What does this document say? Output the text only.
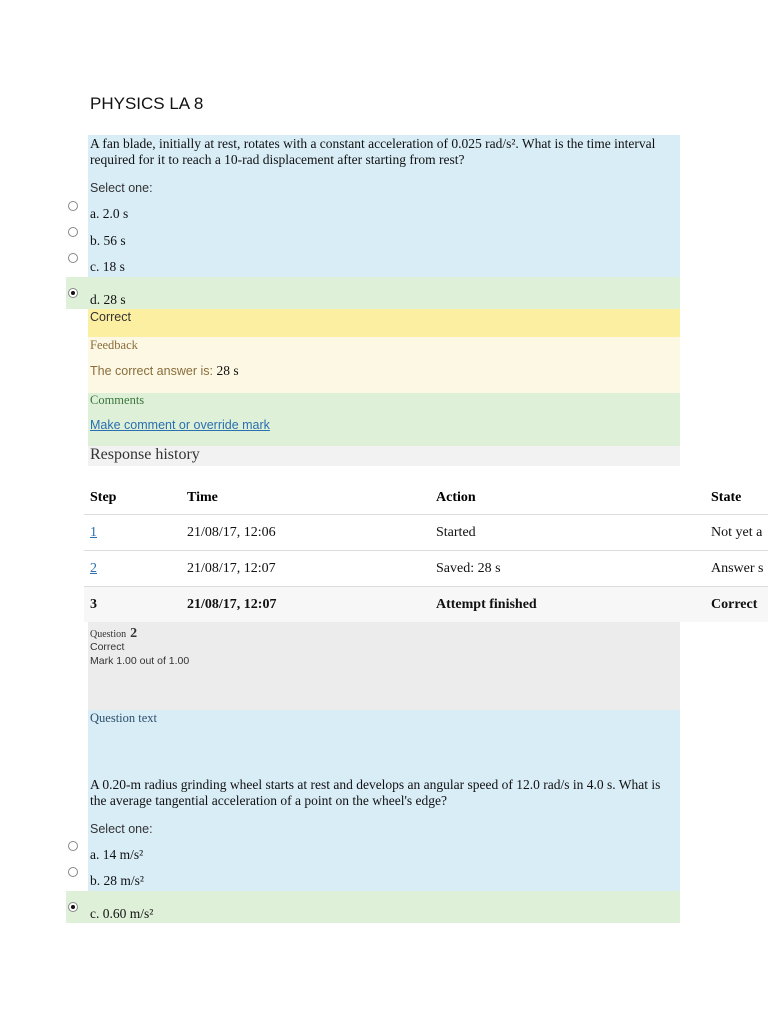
PHYSICS LA 8
A fan blade, initially at rest, rotates with a constant acceleration of 0.025 rad/s². What is the time interval required for it to reach a 10-rad displacement after starting from rest?
Select one:
a. 2.0 s
b. 56 s
c. 18 s
d. 28 s
Correct
Feedback
The correct answer is: 28 s
Comments
Make comment or override mark
Response history
Step	Time	Action	State
1	21/08/17, 12:06	Started	Not yet a
2	21/08/17, 12:07	Saved: 28 s	Answer s
3	21/08/17, 12:07	Attempt finished	Correct
Question 2
Correct
Mark 1.00 out of 1.00
Question text
A 0.20-m radius grinding wheel starts at rest and develops an angular speed of 12.0 rad/s in 4.0 s. What is the average tangential acceleration of a point on the wheel's edge?
Select one:
a. 14 m/s²
b. 28 m/s²
c. 0.60 m/s²
